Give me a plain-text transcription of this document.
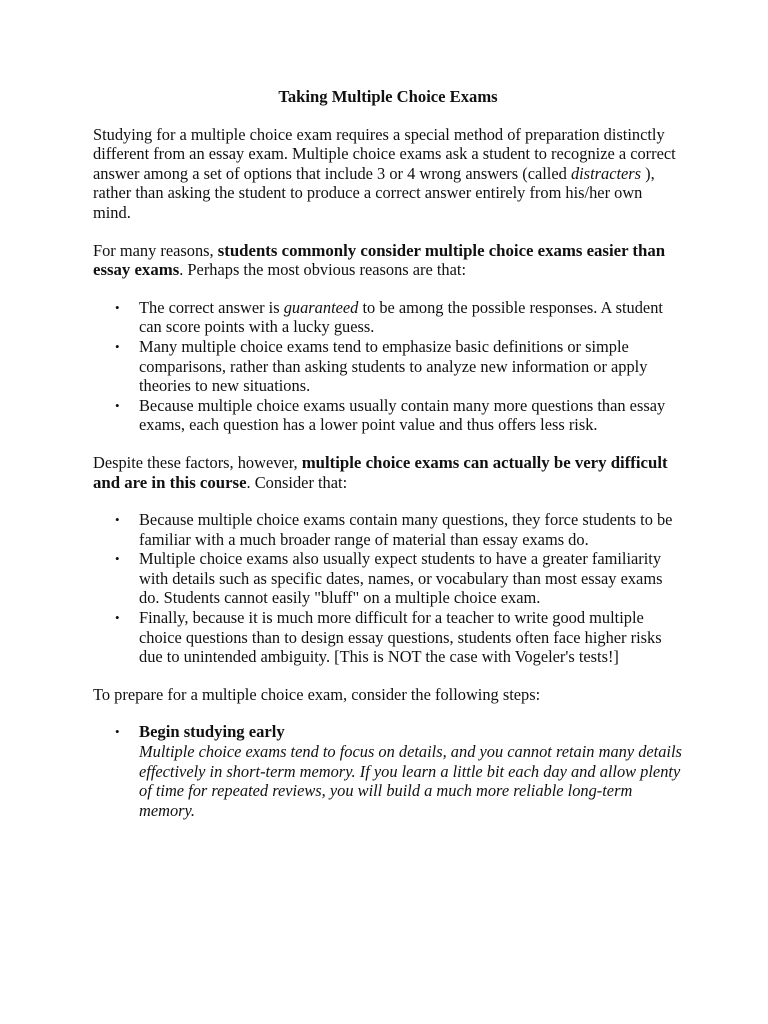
Taking Multiple Choice Exams

Studying for a multiple choice exam requires a special method of preparation distinctly different from an essay exam. Multiple choice exams ask a student to recognize a correct answer among a set of options that include 3 or 4 wrong answers (called distracters ), rather than asking the student to produce a correct answer entirely from his/her own mind.

For many reasons, students commonly consider multiple choice exams easier than essay exams. Perhaps the most obvious reasons are that:

• The correct answer is guaranteed to be among the possible responses. A student can score points with a lucky guess.
• Many multiple choice exams tend to emphasize basic definitions or simple comparisons, rather than asking students to analyze new information or apply theories to new situations.
• Because multiple choice exams usually contain many more questions than essay exams, each question has a lower point value and thus offers less risk.

Despite these factors, however, multiple choice exams can actually be very difficult and are in this course. Consider that:

• Because multiple choice exams contain many questions, they force students to be familiar with a much broader range of material than essay exams do.
• Multiple choice exams also usually expect students to have a greater familiarity with details such as specific dates, names, or vocabulary than most essay exams do. Students cannot easily "bluff" on a multiple choice exam.
• Finally, because it is much more difficult for a teacher to write good multiple choice questions than to design essay questions, students often face higher risks due to unintended ambiguity. [This is NOT the case with Vogeler's tests!]

To prepare for a multiple choice exam, consider the following steps:

• Begin studying early
Multiple choice exams tend to focus on details, and you cannot retain many details effectively in short-term memory. If you learn a little bit each day and allow plenty of time for repeated reviews, you will build a much more reliable long-term memory.
